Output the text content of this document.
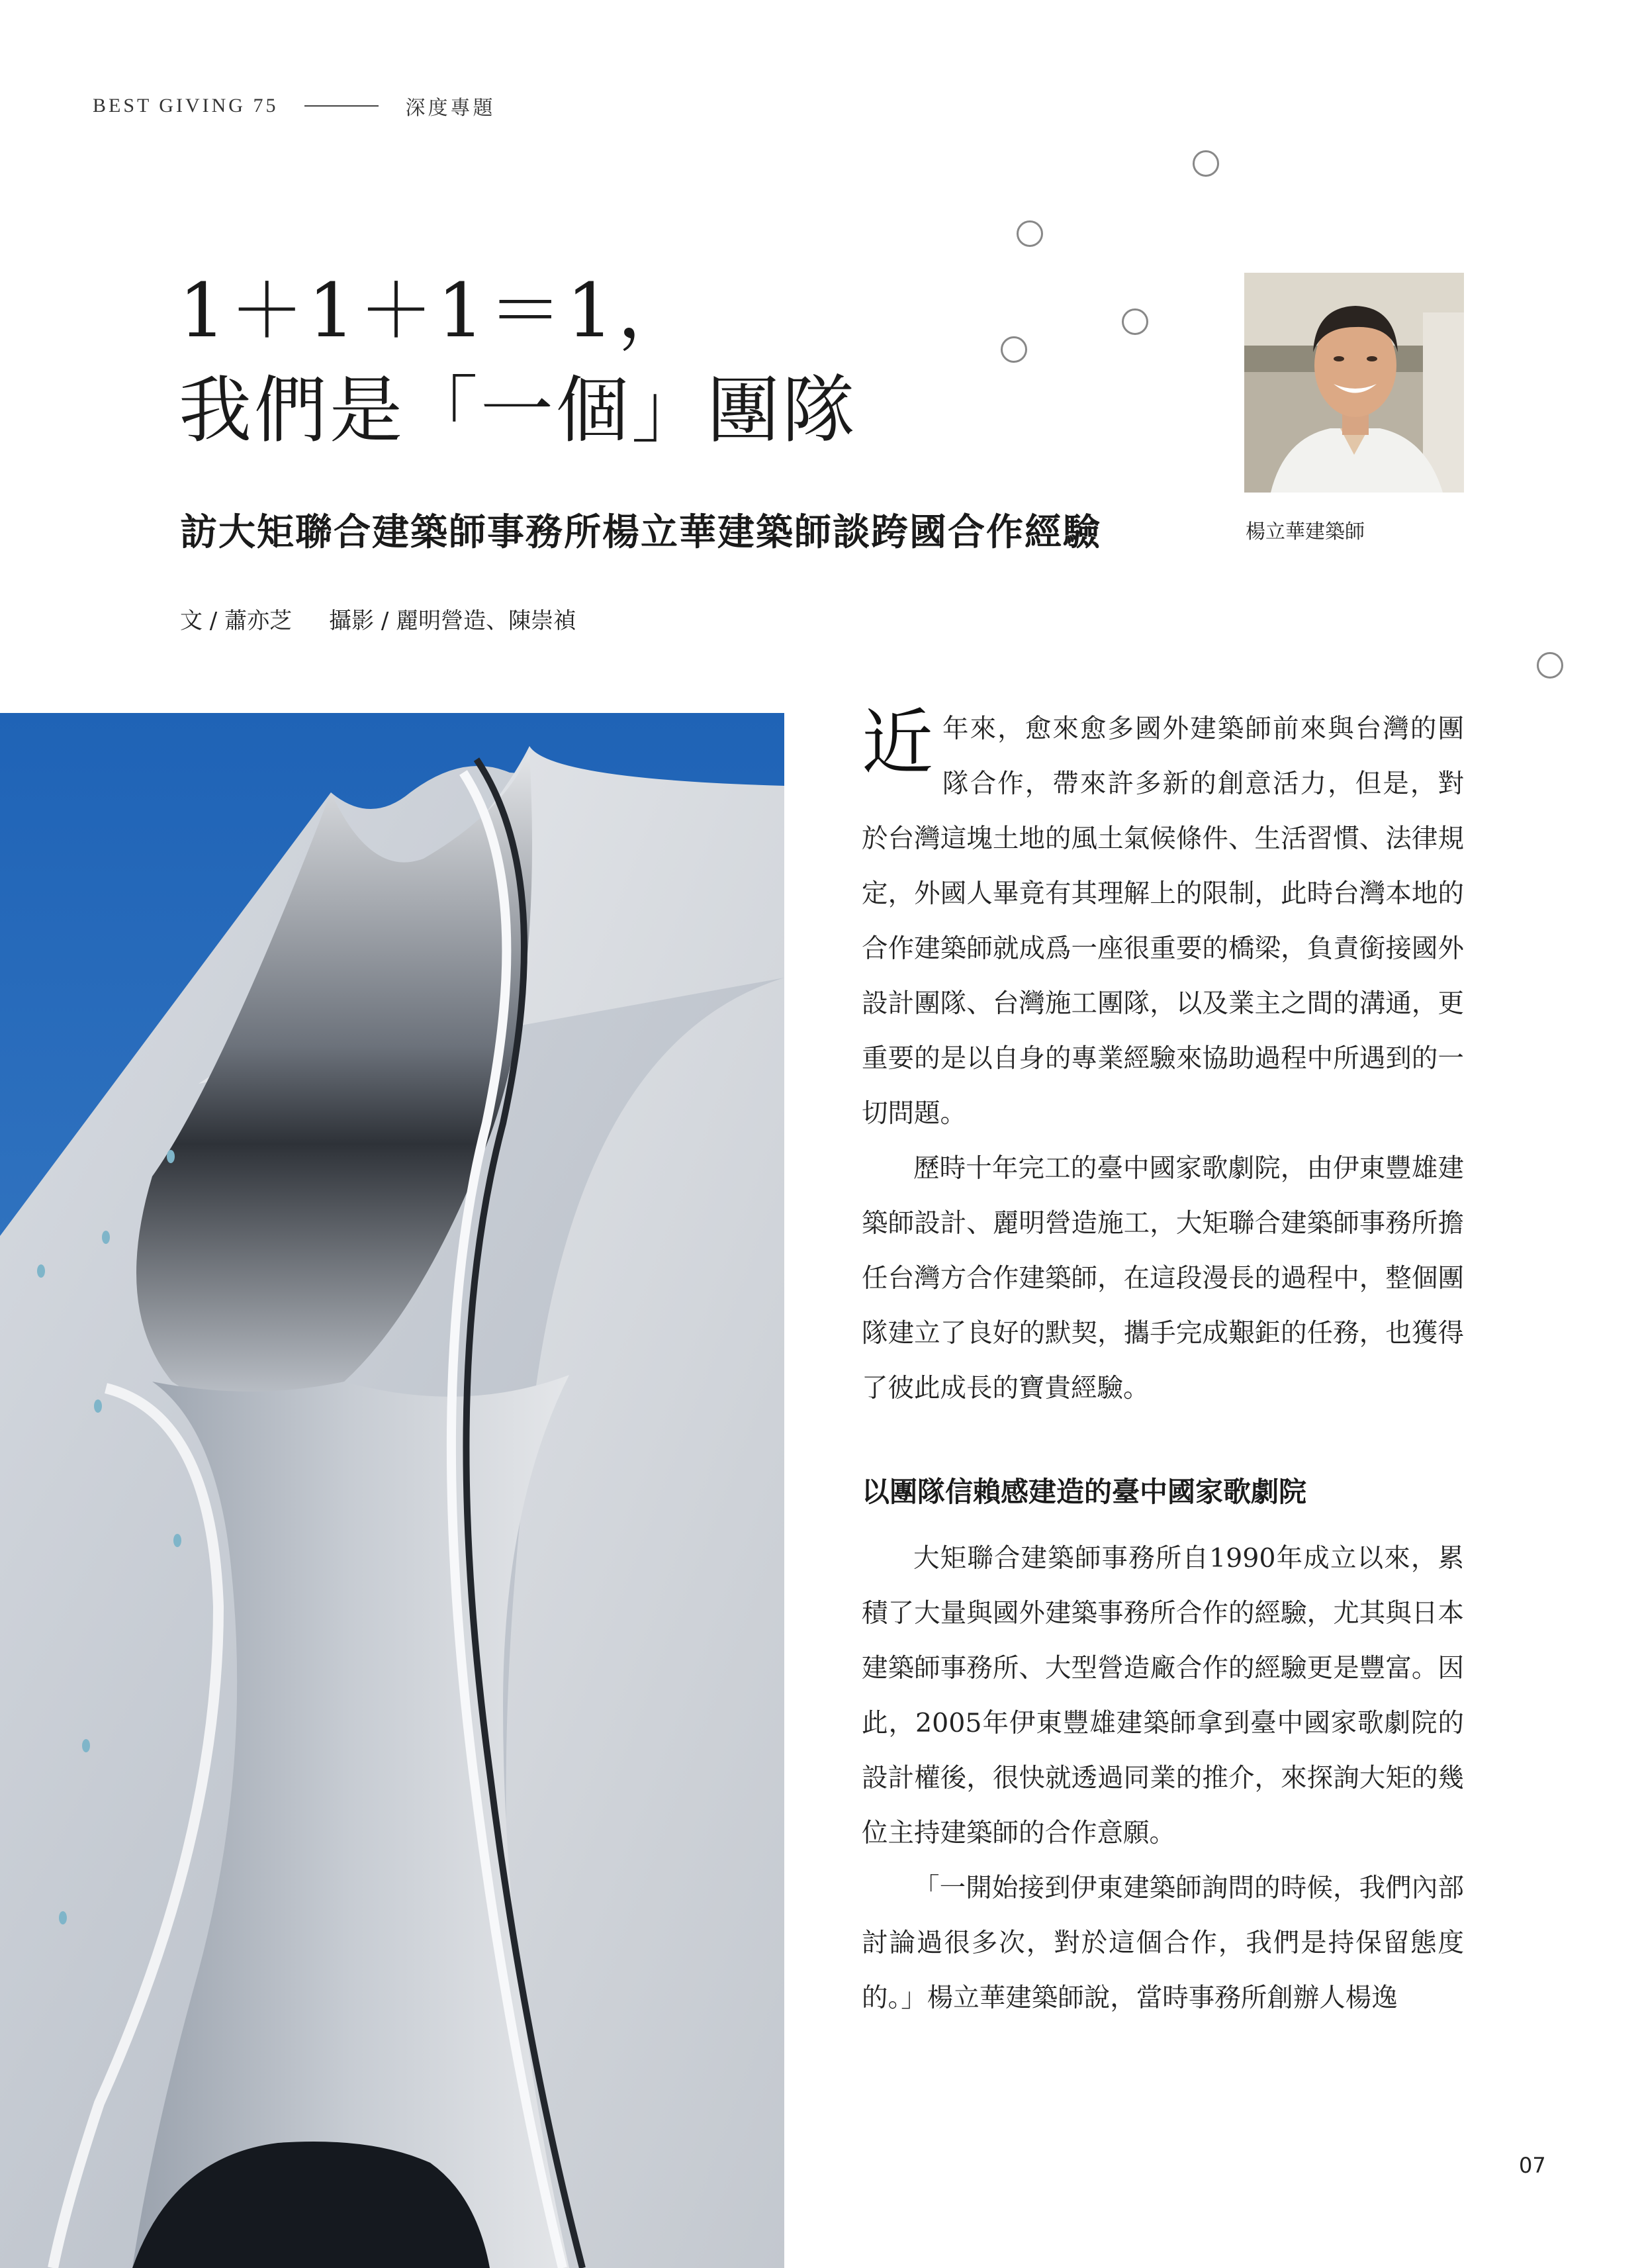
BEST GIVING 75	深度專題
1＋1＋1＝1，
我們是「一個」團隊
訪大矩聯合建築師事務所楊立華建築師談跨國合作經驗
文 / 蕭亦芝 攝影 / 麗明營造、陳崇禎
楊立華建築師

近年來，愈來愈多國外建築師前來與台灣的團隊合作，帶來許多新的創意活力，但是，對於台灣這塊土地的風土氣候條件、生活習慣、法律規定，外國人畢竟有其理解上的限制，此時台灣本地的合作建築師就成爲一座很重要的橋梁，負責銜接國外設計團隊、台灣施工團隊，以及業主之間的溝通，更重要的是以自身的專業經驗來協助過程中所遇到的一切問題。

歷時十年完工的臺中國家歌劇院，由伊東豐雄建築師設計、麗明營造施工，大矩聯合建築師事務所擔任台灣方合作建築師，在這段漫長的過程中，整個團隊建立了良好的默契，攜手完成艱鉅的任務，也獲得了彼此成長的寶貴經驗。

以團隊信賴感建造的臺中國家歌劇院

大矩聯合建築師事務所自1990年成立以來，累積了大量與國外建築事務所合作的經驗，尤其與日本建築師事務所、大型營造廠合作的經驗更是豐富。因此，2005年伊東豐雄建築師拿到臺中國家歌劇院的設計權後，很快就透過同業的推介，來探詢大矩的幾位主持建築師的合作意願。

「一開始接到伊東建築師詢問的時候，我們內部討論過很多次，對於這個合作，我們是持保留態度的。」楊立華建築師說，當時事務所創辦人楊逸

07
